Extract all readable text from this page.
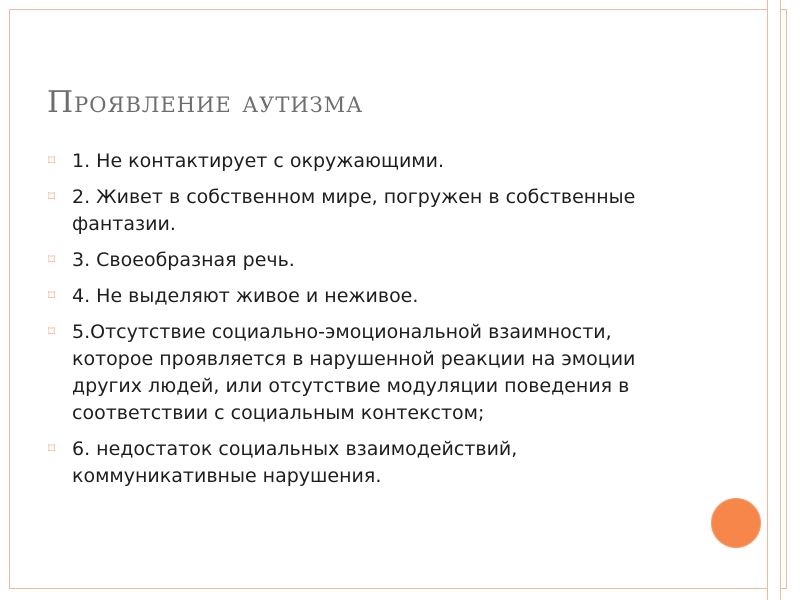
Проявление аутизма
⌑ 1. Не контактирует с окружающими.
⌑ 2. Живет в собственном мире, погружен в собственные фантазии.
⌑ 3. Своеобразная речь.
⌑ 4. Не выделяют живое и неживое.
⌑ 5.Отсутствие социально-эмоциональной взаимности, которое проявляется в нарушенной реакции на эмоции других людей, или отсутствие модуляции поведения в соответствии с социальным контекстом;
⌑ 6. недостаток социальных взаимодействий, коммуникативные нарушения.
